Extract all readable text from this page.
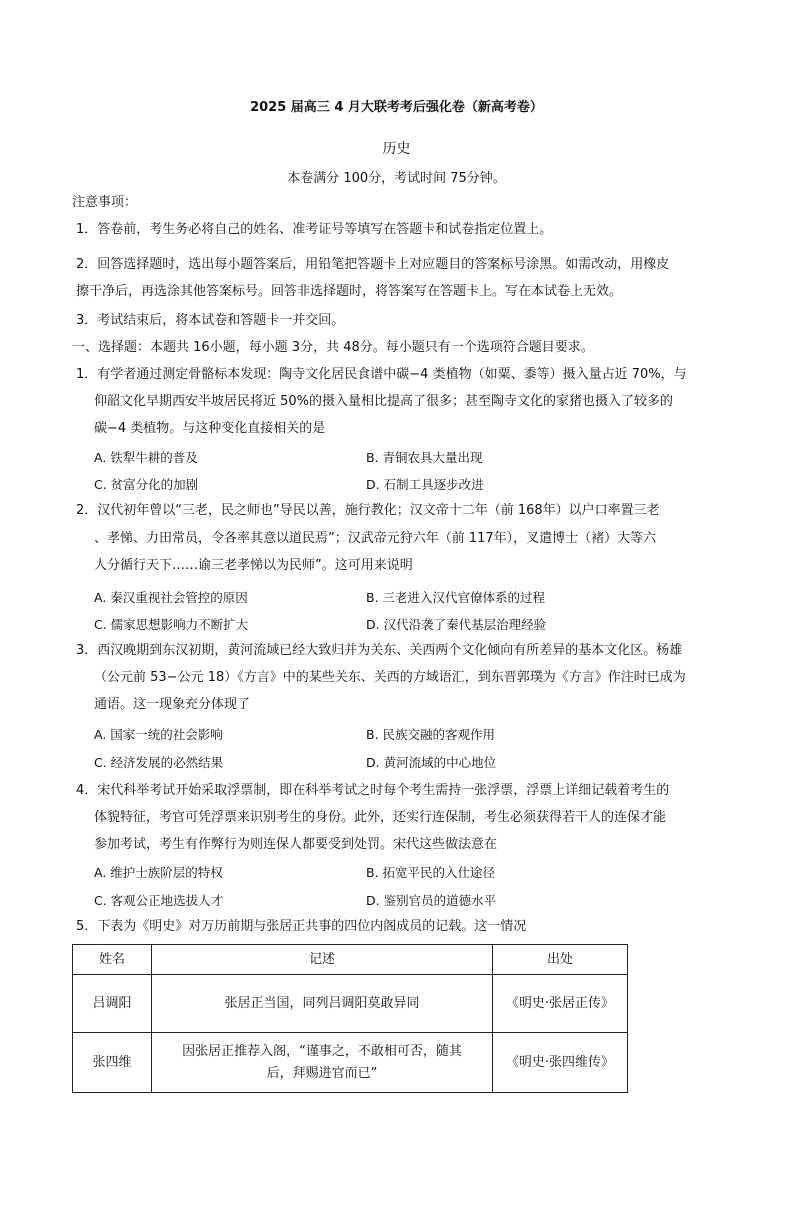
2025 届高三 4 月大联考考后强化卷（新高考卷）
历史
本卷满分 100分，考试时间 75分钟。
注意事项：
1．答卷前，考生务必将自己的姓名、准考证号等填写在答题卡和试卷指定位置上。
2．回答选择题时，选出每小题答案后，用铅笔把答题卡上对应题目的答案标号涂黑。如需改动，用橡皮
擦干净后，再选涂其他答案标号。回答非选择题时，将答案写在答题卡上。写在本试卷上无效。
3．考试结束后，将本试卷和答题卡一并交回。
一、选择题：本题共 16小题，每小题 3分，共 48分。每小题只有一个选项符合题目要求。
1．有学者通过测定骨骼标本发现：陶寺文化居民食谱中碳−4 类植物（如粟、黍等）摄入量占近 70%，与
仰韶文化早期西安半坡居民将近 50%的摄入量相比提高了很多；甚至陶寺文化的家猪也摄入了较多的
碳−4 类植物。与这种变化直接相关的是
A. 铁犁牛耕的普及	B. 青铜农具大量出现
C. 贫富分化的加剧	D. 石制工具逐步改进
2．汉代初年曾以“三老，民之师也”导民以善，施行教化；汉文帝十二年（前 168年）以户口率置三老
、孝悌、力田常员，令各率其意以道民焉”；汉武帝元狩六年（前 117年），叉遣博士（褚）大等六
人分循行天下……谕三老孝悌以为民师”。这可用来说明
A. 秦汉重视社会管控的原因	B. 三老进入汉代官僚体系的过程
C. 儒家思想影响力不断扩大	D. 汉代沿袭了秦代基层治理经验
3．西汉晚期到东汉初期，黄河流域已经大致归并为关东、关西两个文化倾向有所差异的基本文化区。杨雄
（公元前 53−公元 18）《方言》中的某些关东、关西的方域语汇，到东晋郭璞为《方言》作注时已成为
通语。这一现象充分体现了
A. 国家一统的社会影响	B. 民族交融的客观作用
C. 经济发展的必然结果	D. 黄河流域的中心地位
4．宋代科举考试开始采取浮票制，即在科举考试之时每个考生需持一张浮票，浮票上详细记载着考生的
体貌特征，考官可凭浮票来识别考生的身份。此外，还实行连保制，考生必须获得若干人的连保才能
参加考试，考生有作弊行为则连保人都要受到处罚。宋代这些做法意在
A. 维护士族阶层的特权	B. 拓宽平民的入仕途径
C. 客观公正地选拔人才	D. 鉴别官员的道德水平
5．下表为《明史》对万历前期与张居正共事的四位内阁成员的记载。这一情况
姓名	记述	出处
吕调阳	张居正当国，同列吕调阳莫敢异同	《明史·张居正传》
张四维	因张居正推荐入阁，“谨事之，不敢相可否，随其
后，拜赐进官而已”	《明史·张四维传》
